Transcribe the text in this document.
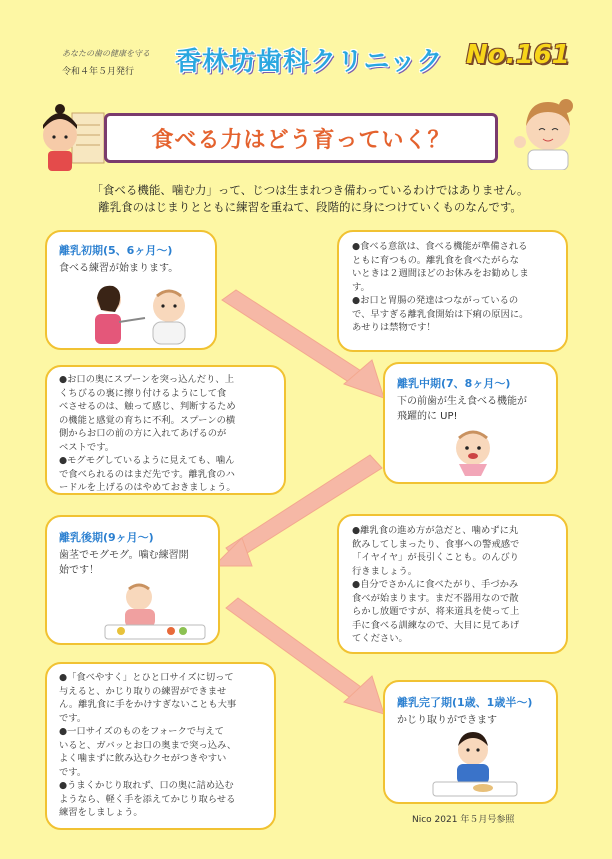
あなたの歯の健康を守る
令和４年５月発行 香林坊歯科クリニック No.161
食べる力はどう育っていく？
「食べる機能、噛む力」って、じつは生まれつき備わっているわけではありません。
離乳食のはじまりとともに練習を重ねて、段階的に身につけていくものなんです。
離乳初期(5、6ヶ月～)
食べる練習が始まります。
●食べる意欲は、食べる機能が準備される
ともに育つもの。離乳食を食べたがらな
いときは２週間ほどのお休みをお勧めしま
す。
●お口と胃腸の発達はつながっているの
で、早すぎる離乳食開始は下痢の原因に。
あせりは禁物です！
●お口の奥にスプーンを突っ込んだり、上
くちびるの裏に擦り付けるようにして食
べさせるのは、触って感じ、判断するため
の機能と感覚の育ちに不利。スプーンの横
側からお口の前の方に入れてあげるのが
ベストです。
●モグモグしているように見えても、噛ん
で食べられるのはまだ先です。離乳食のハ
ードルを上げるのはやめておきましょう。
離乳中期(7、8ヶ月～)
下の前歯が生え食べる機能が
飛躍的に UP!
離乳後期(9ヶ月～)
歯茎でモグモグ。噛む練習開
始です！
●離乳食の進め方が急だと、噛めずに丸
飲みしてしまったり、食事への警戒感で
「イヤイヤ」が長引くことも。のんびり
行きましょう。
●自分でさかんに食べたがり、手づかみ
食べが始まります。まだ不器用なので散
らかし放題ですが、将来道具を使って上
手に食べる訓練なので、大目に見てあげ
てください。
●「食べやすく」とひと口サイズに切って
与えると、かじり取りの練習ができませ
ん。離乳食に手をかけすぎないことも大事
です。
●一口サイズのものをフォークで与えて
いると、ガバッとお口の奥まで突っ込み、
よく噛まずに飲み込むクセがつきやすい
です。
●うまくかじり取れず、口の奥に詰め込む
ようなら、軽く手を添えてかじり取らせる
練習をしましょう。
離乳完了期(1歳、1歳半～)
かじり取りができます
Nico 2021 年５月号参照
